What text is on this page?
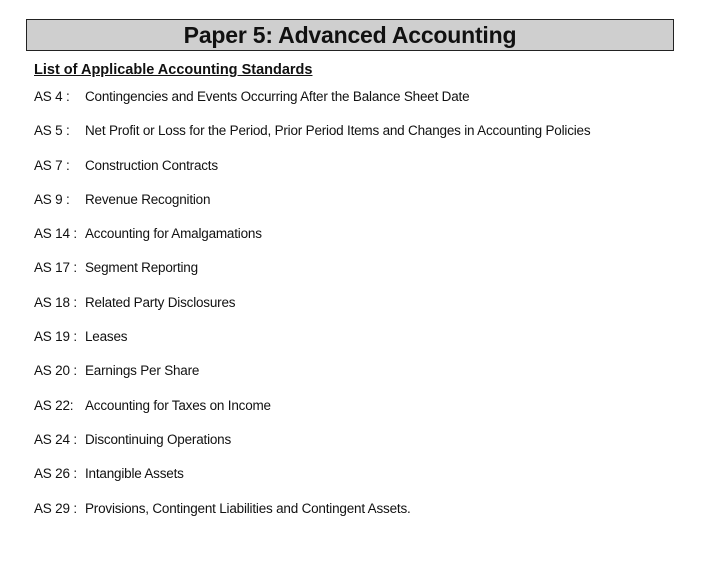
Paper 5: Advanced Accounting
List of Applicable Accounting Standards
AS 4 :	Contingencies and Events Occurring After the Balance Sheet Date
AS 5 :	Net Profit or Loss for the Period, Prior Period Items and Changes in Accounting Policies
AS 7 :	Construction Contracts
AS 9 :	Revenue Recognition
AS 14 : Accounting for Amalgamations
AS 17 : Segment Reporting
AS 18 : Related Party Disclosures
AS 19 : Leases
AS 20 : Earnings Per Share
AS 22: Accounting for Taxes on Income
AS 24 : Discontinuing Operations
AS 26 : Intangible Assets
AS 29 : Provisions, Contingent Liabilities and Contingent Assets.
